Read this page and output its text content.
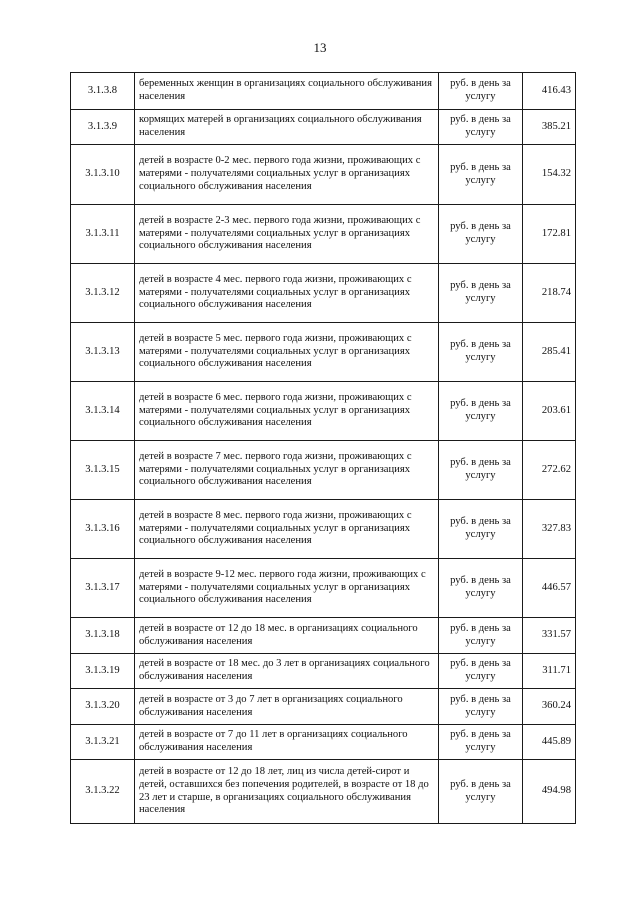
13
3.1.3.8	беременных женщин в организациях социального обслуживания населения	руб. в день за услугу	416.43
3.1.3.9	кормящих матерей в организациях социального обслуживания населения	руб. в день за услугу	385.21
3.1.3.10	детей в возрасте 0-2 мес. первого года жизни, проживающих с матерями - получателями социальных услуг в организациях социального обслуживания населения	руб. в день за услугу	154.32
3.1.3.11	детей в возрасте 2-3 мес. первого года жизни, проживающих с матерями - получателями социальных услуг в организациях социального обслуживания населения	руб. в день за услугу	172.81
3.1.3.12	детей в возрасте 4 мес. первого года жизни, проживающих с матерями - получателями социальных услуг в организациях социального обслуживания населения	руб. в день за услугу	218.74
3.1.3.13	детей в возрасте 5 мес. первого года жизни, проживающих с матерями - получателями социальных услуг в организациях социального обслуживания населения	руб. в день за услугу	285.41
3.1.3.14	детей в возрасте 6 мес. первого года жизни, проживающих с матерями - получателями социальных услуг в организациях социального обслуживания населения	руб. в день за услугу	203.61
3.1.3.15	детей в возрасте 7 мес. первого года жизни, проживающих с матерями - получателями социальных услуг в организациях социального обслуживания населения	руб. в день за услугу	272.62
3.1.3.16	детей в возрасте 8 мес. первого года жизни, проживающих с матерями - получателями социальных услуг в организациях социального обслуживания населения	руб. в день за услугу	327.83
3.1.3.17	детей в возрасте 9-12 мес. первого года жизни, проживающих с матерями - получателями социальных услуг в организациях социального обслуживания населения	руб. в день за услугу	446.57
3.1.3.18	детей в возрасте от 12 до 18 мес. в организациях социального обслуживания населения	руб. в день за услугу	331.57
3.1.3.19	детей в возрасте от 18 мес. до 3 лет в организациях социального обслуживания населения	руб. в день за услугу	311.71
3.1.3.20	детей в возрасте от 3 до 7 лет в организациях социального обслуживания населения	руб. в день за услугу	360.24
3.1.3.21	детей в возрасте от 7 до 11 лет в организациях социального обслуживания населения	руб. в день за услугу	445.89
3.1.3.22	детей в возрасте от 12 до 18 лет, лиц из числа детей-сирот и детей, оставшихся без попечения родителей, в возрасте от 18 до 23 лет и старше, в организациях социального обслуживания населения	руб. в день за услугу	494.98
